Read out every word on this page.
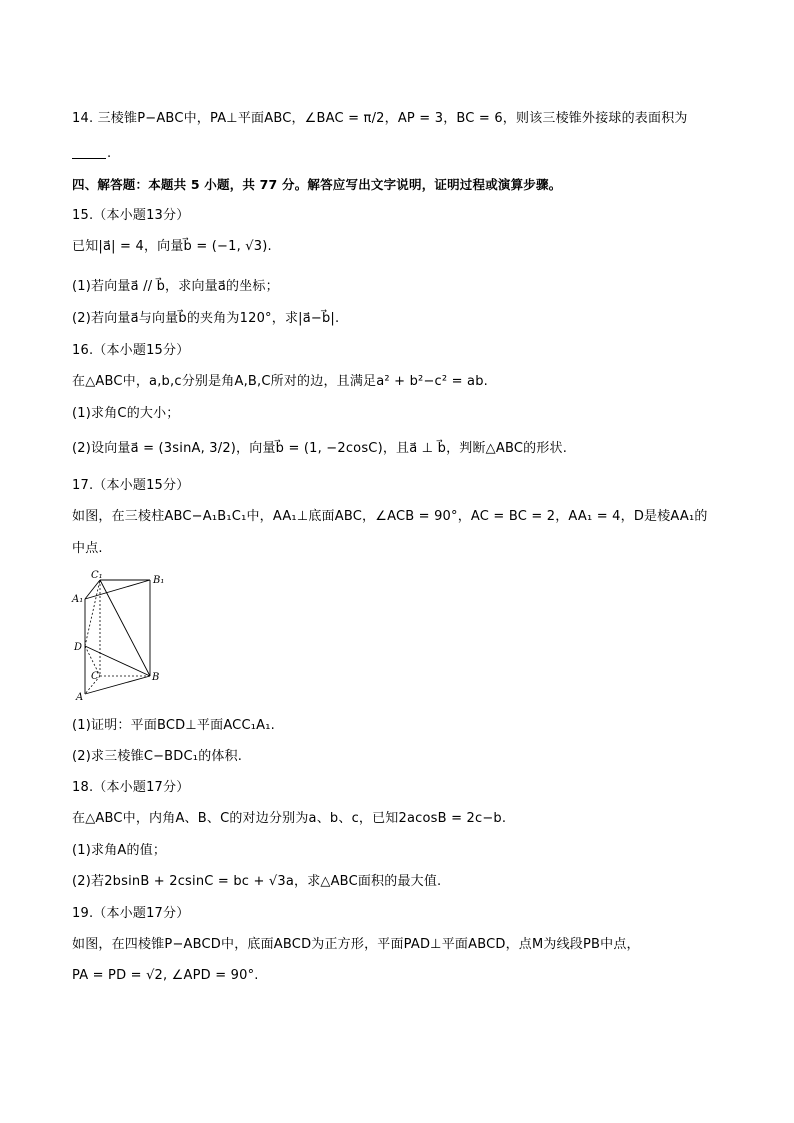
14. 三棱锥P−ABC中，PA⊥平面ABC，∠BAC = π/2，AP = 3，BC = 6，则该三棱锥外接球的表面积为
.
四、解答题：本题共 5 小题，共 77 分。解答应写出文字说明，证明过程或演算步骤。
15.（本小题13分）
已知|a⃗| = 4，向量b⃗ = (−1, √3).
(1)若向量a⃗ // b⃗，求向量a⃗的坐标；
(2)若向量a⃗与向量b⃗的夹角为120°，求|a⃗−b⃗|.
16.（本小题15分）
在△ABC中，a,b,c分别是角A,B,C所对的边，且满足a² + b²−c² = ab.
(1)求角C的大小；
(2)设向量a⃗ = (3sinA, 3/2)，向量b⃗ = (1, −2cosC)，且a⃗ ⊥ b⃗，判断△ABC的形状.
17.（本小题15分）
如图，在三棱柱ABC−A₁B₁C₁中，AA₁⊥底面ABC，∠ACB = 90°，AC = BC = 2，AA₁ = 4，D是棱AA₁的
中点.
C₁	B₁
A₁
D
C	B
A
(1)证明：平面BCD⊥平面ACC₁A₁.
(2)求三棱锥C−BDC₁的体积.
18.（本小题17分）
在△ABC中，内角A、B、C的对边分别为a、b、c，已知2acosB = 2c−b.
(1)求角A的值；
(2)若2bsinB + 2csinC = bc + √3a，求△ABC面积的最大值.
19.（本小题17分）
如图，在四棱锥P−ABCD中，底面ABCD为正方形，平面PAD⊥平面ABCD，点M为线段PB中点，
PA = PD = √2, ∠APD = 90°.
